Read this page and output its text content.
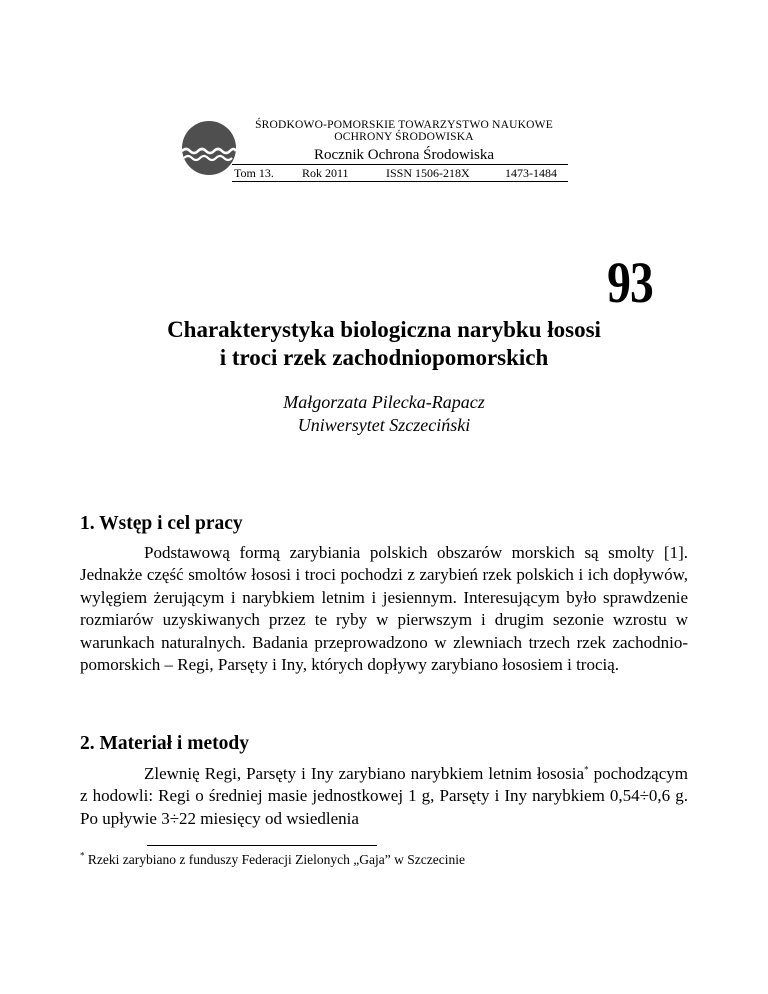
ŚRODKOWO-POMORSKIE TOWARZYSTWO NAUKOWE
OCHRONY ŚRODOWISKA
Rocznik Ochrona Środowiska
Tom 13. Rok 2011	ISSN 1506-218X	1473-1484
93
Charakterystyka biologiczna narybku łososi
i troci rzek zachodniopomorskich
Małgorzata Pilecka-Rapacz
Uniwersytet Szczeciński
1. Wstęp i cel pracy

Podstawową formą zarybiania polskich obszarów morskich są smolty [1]. Jednakże część smoltów łososi i troci pochodzi z zarybień rzek polskich i ich dopływów, wylęgiem żerującym i narybkiem letnim i jesiennym. Interesującym było sprawdzenie rozmiarów uzyskiwanych przez te ryby w pierwszym i drugim sezonie wzrostu w warunkach naturalnych. Badania przeprowadzono w zlewniach trzech rzek zachodniopomorskich – Regi, Parsęty i Iny, których dopływy zarybiano łososiem i trocią.

2. Materiał i metody

Zlewnię Regi, Parsęty i Iny zarybiano narybkiem letnim łososia* pochodzącym z hodowli: Regi o średniej masie jednostkowej 1 g, Parsęty i Iny narybkiem 0,54÷0,6 g. Po upływie 3÷22 miesięcy od wsiedlenia

* Rzeki zarybiano z funduszy Federacji Zielonych „Gaja” w Szczecinie
